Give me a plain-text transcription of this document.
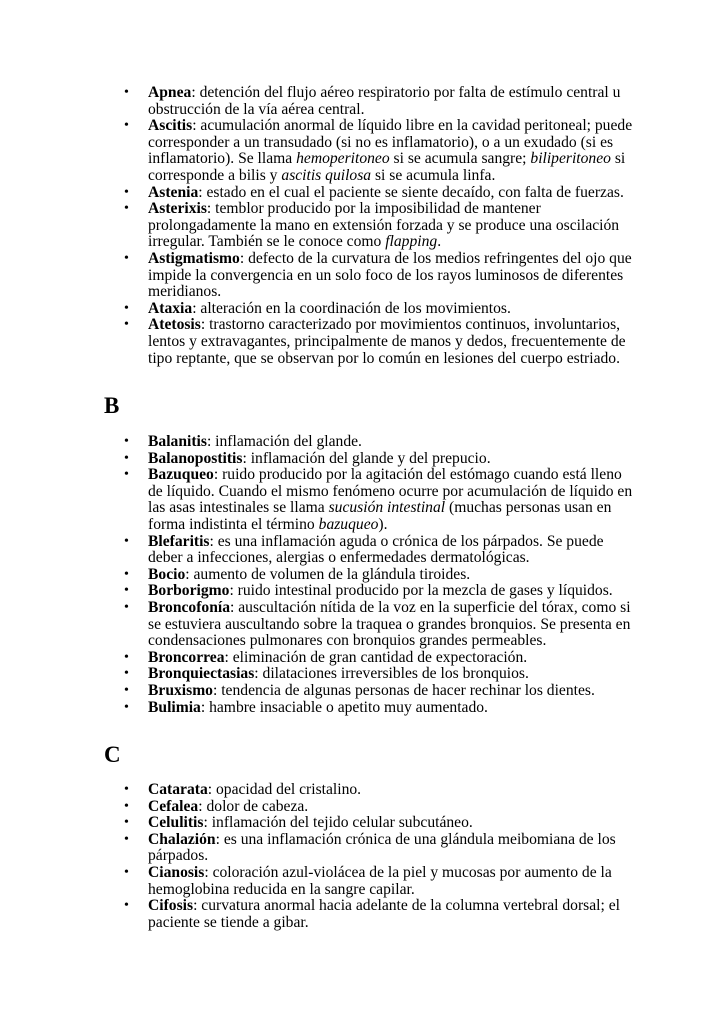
•	Apnea: detención del flujo aéreo respiratorio por falta de estímulo central u obstrucción de la vía aérea central.
•	Ascitis: acumulación anormal de líquido libre en la cavidad peritoneal; puede corresponder a un transudado (si no es inflamatorio), o a un exudado (si es inflamatorio). Se llama hemoperitoneo si se acumula sangre; biliperitoneo si corresponde a bilis y ascitis quilosa si se acumula linfa.
•	Astenia: estado en el cual el paciente se siente decaído, con falta de fuerzas.
•	Asterixis: temblor producido por la imposibilidad de mantener prolongadamente la mano en extensión forzada y se produce una oscilación irregular. También se le conoce como flapping.
•	Astigmatismo: defecto de la curvatura de los medios refringentes del ojo que impide la convergencia en un solo foco de los rayos luminosos de diferentes meridianos.
•	Ataxia: alteración en la coordinación de los movimientos.
•	Atetosis: trastorno caracterizado por movimientos continuos, involuntarios, lentos y extravagantes, principalmente de manos y dedos, frecuentemente de tipo reptante, que se observan por lo común en lesiones del cuerpo estriado.
B
•	Balanitis: inflamación del glande.
•	Balanopostitis: inflamación del glande y del prepucio.
•	Bazuqueo: ruido producido por la agitación del estómago cuando está lleno de líquido. Cuando el mismo fenómeno ocurre por acumulación de líquido en las asas intestinales se llama sucusión intestinal (muchas personas usan en forma indistinta el término bazuqueo).
•	Blefaritis: es una inflamación aguda o crónica de los párpados. Se puede deber a infecciones, alergias o enfermedades dermatológicas.
•	Bocio: aumento de volumen de la glándula tiroides.
•	Borborigmo: ruido intestinal producido por la mezcla de gases y líquidos.
•	Broncofonía: auscultación nítida de la voz en la superficie del tórax, como si se estuviera auscultando sobre la traquea o grandes bronquios. Se presenta en condensaciones pulmonares con bronquios grandes permeables.
•	Broncorrea: eliminación de gran cantidad de expectoración.
•	Bronquiectasias: dilataciones irreversibles de los bronquios.
•	Bruxismo: tendencia de algunas personas de hacer rechinar los dientes.
•	Bulimia: hambre insaciable o apetito muy aumentado.
C
•	Catarata: opacidad del cristalino.
•	Cefalea: dolor de cabeza.
•	Celulitis: inflamación del tejido celular subcutáneo.
•	Chalazión: es una inflamación crónica de una glándula meibomiana de los párpados.
•	Cianosis: coloración azul-violácea de la piel y mucosas por aumento de la hemoglobina reducida en la sangre capilar.
•	Cifosis: curvatura anormal hacia adelante de la columna vertebral dorsal; el paciente se tiende a gibar.
